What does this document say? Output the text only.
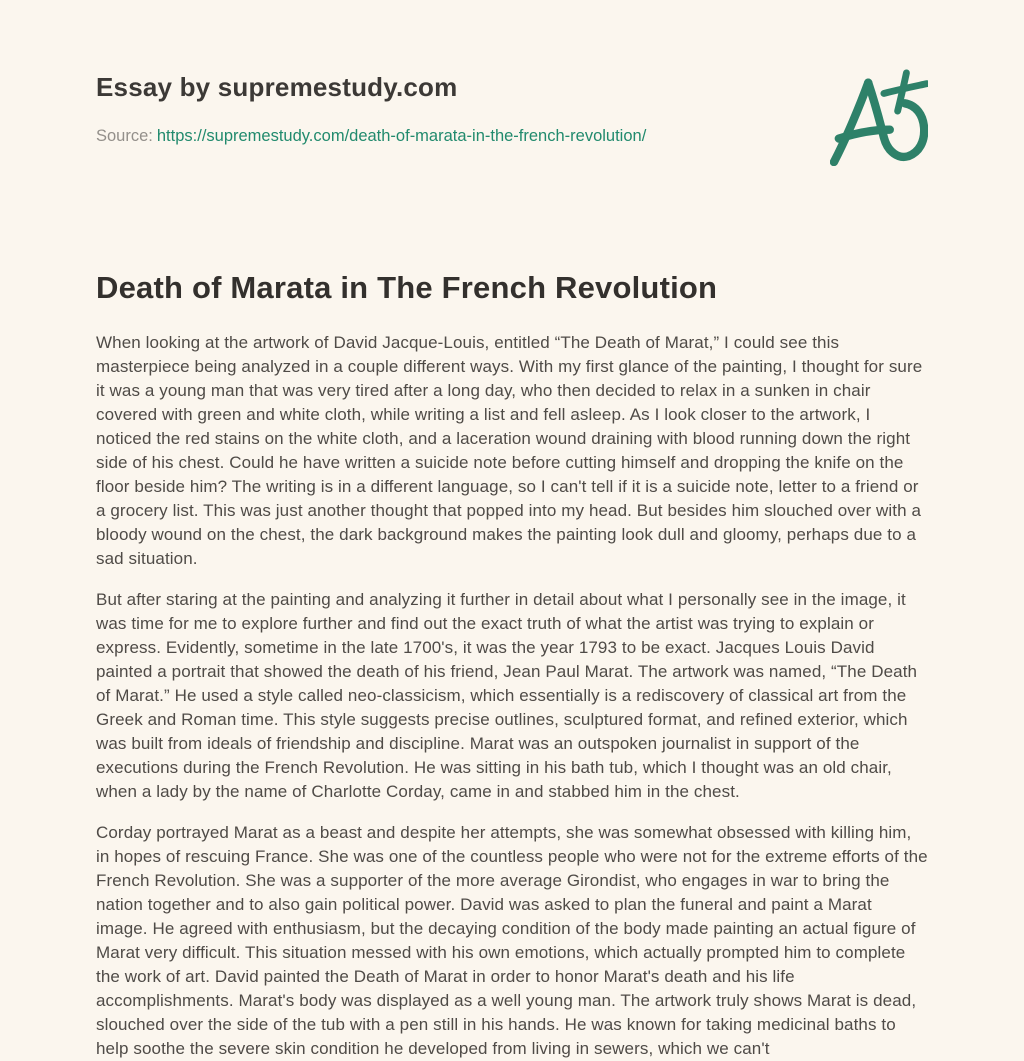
Essay by supremestudy.com
Source: https://supremestudy.com/death-of-marata-in-the-french-revolution/
Death of Marata in The French Revolution

When looking at the artwork of David Jacque-Louis, entitled “The Death of Marat,” I could see this masterpiece being analyzed in a couple different ways. With my first glance of the painting, I thought for sure it was a young man that was very tired after a long day, who then decided to relax in a sunken in chair covered with green and white cloth, while writing a list and fell asleep. As I look closer to the artwork, I noticed the red stains on the white cloth, and a laceration wound draining with blood running down the right side of his chest. Could he have written a suicide note before cutting himself and dropping the knife on the floor beside him? The writing is in a different language, so I can't tell if it is a suicide note, letter to a friend or a grocery list. This was just another thought that popped into my head. But besides him slouched over with a bloody wound on the chest, the dark background makes the painting look dull and gloomy, perhaps due to a sad situation.

But after staring at the painting and analyzing it further in detail about what I personally see in the image, it was time for me to explore further and find out the exact truth of what the artist was trying to explain or express. Evidently, sometime in the late 1700's, it was the year 1793 to be exact. Jacques Louis David painted a portrait that showed the death of his friend, Jean Paul Marat. The artwork was named, “The Death of Marat.” He used a style called neo-classicism, which essentially is a rediscovery of classical art from the Greek and Roman time. This style suggests precise outlines, sculptured format, and refined exterior, which was built from ideals of friendship and discipline. Marat was an outspoken journalist in support of the executions during the French Revolution. He was sitting in his bath tub, which I thought was an old chair, when a lady by the name of Charlotte Corday, came in and stabbed him in the chest.

Corday portrayed Marat as a beast and despite her attempts, she was somewhat obsessed with killing him, in hopes of rescuing France. She was one of the countless people who were not for the extreme efforts of the French Revolution. She was a supporter of the more average Girondist, who engages in war to bring the nation together and to also gain political power. David was asked to plan the funeral and paint a Marat image. He agreed with enthusiasm, but the decaying condition of the body made painting an actual figure of Marat very difficult. This situation messed with his own emotions, which actually prompted him to complete the work of art. David painted the Death of Marat in order to honor Marat's death and his life accomplishments. Marat's body was displayed as a well young man. The artwork truly shows Marat is dead, slouched over the side of the tub with a pen still in his hands. He was known for taking medicinal baths to help soothe the severe skin condition he developed from living in sewers, which we can't
